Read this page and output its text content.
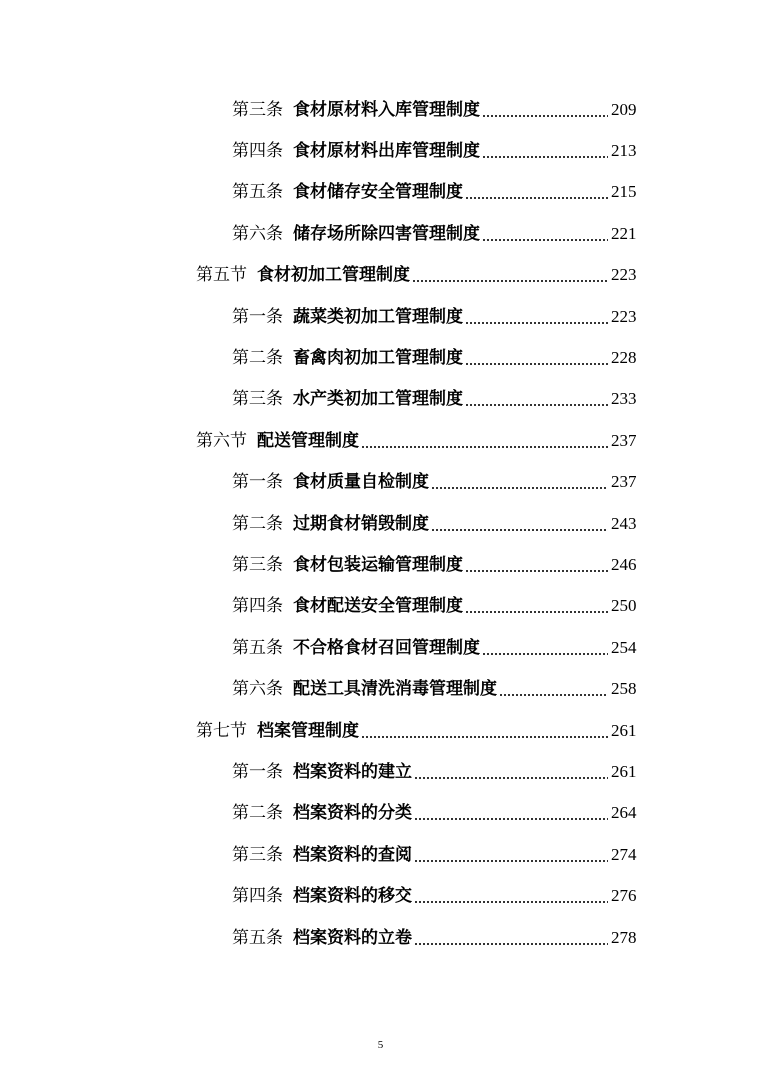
第三条 食材原材料入库管理制度	209
第四条 食材原材料出库管理制度	213
第五条 食材储存安全管理制度	215
第六条 储存场所除四害管理制度	221
第五节 食材初加工管理制度	223
第一条 蔬菜类初加工管理制度	223
第二条 畜禽肉初加工管理制度	228
第三条 水产类初加工管理制度	233
第六节 配送管理制度	237
第一条 食材质量自检制度	237
第二条 过期食材销毁制度	243
第三条 食材包装运输管理制度	246
第四条 食材配送安全管理制度	250
第五条 不合格食材召回管理制度	254
第六条 配送工具清洗消毒管理制度	258
第七节 档案管理制度	261
第一条 档案资料的建立	261
第二条 档案资料的分类	264
第三条 档案资料的查阅	274
第四条 档案资料的移交	276
第五条 档案资料的立卷	278
5
